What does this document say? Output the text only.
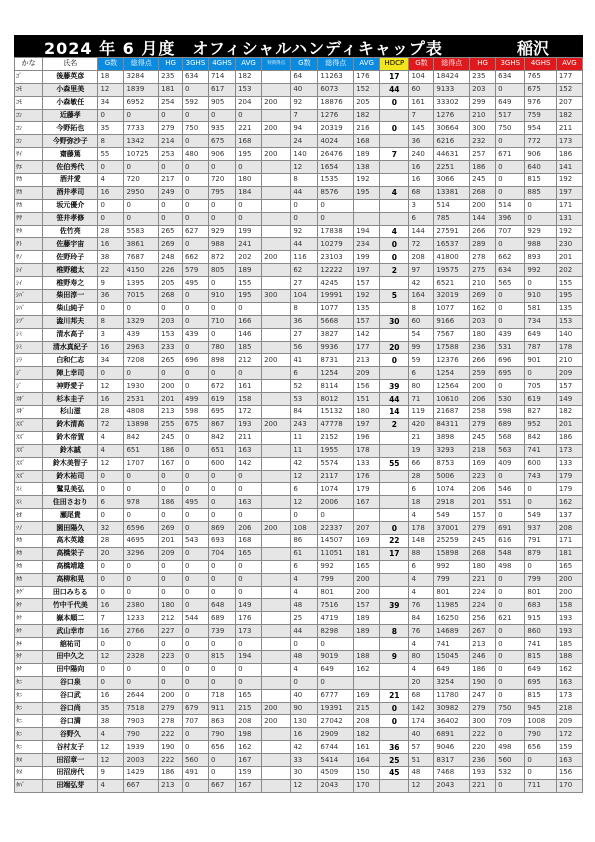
2024 年 6 月度　オフィシャルハンディキャップ表	稲沢
かな	氏名	G数	総得点	HG	3GHS	4GHS	AVG	特典得点	G数	総得点	AVG	HDCP	G数	総得点	HG	3GHS	4GHS	AVG
ｺﾞ	後藤英彦	18	3284	235	634	714	182		64	11263	176	17	104	18424	235	634	765	177
ｺﾓ	小森里美	12	1839	181	0	617	153		40	6073	152	44	60	9133	203	0	675	152
ｺﾓ	小森敏任	34	6952	254	592	905	204	200	92	18876	205	0	161	33302	299	649	976	207
ｺﾝ	近藤孝	0	0	0	0	0	0		7	1276	182		7	1276	210	517	759	182
ｺﾝ	今野拓也	35	7733	279	750	935	221	200	94	20319	216	0	145	30664	300	750	954	211
ｺﾝ	今野弥沙子	8	1342	214	0	675	168		24	4024	168		36	6216	232	0	772	173
ｻｲ	齋藤篤	55	10725	253	480	906	195	200	140	26476	189	7	240	44631	257	671	906	186
ｻｴ	佐伯秀代	0	0	0	0	0	0		12	1654	138		16	2251	186	0	640	141
ｻｶ	酒井愛	4	720	217	0	720	180		8	1535	192		16	3066	245	0	815	192
ｻｶ	酒井孝司	16	2950	249	0	795	184		44	8576	195	4	68	13381	268	0	885	197
ｻｶ	坂元優介	0	0	0	0	0	0		0	0			3	514	200	514	0	171
ｻｻ	笹井孝修	0	0	0	0	0	0		0	0			6	785	144	396	0	131
ｻﾀ	佐竹亮	28	5583	265	627	929	199		92	17838	194	4	144	27591	266	707	929	192
ｻﾄ	佐藤宇宙	16	3861	269	0	988	241		44	10279	234	0	72	16537	289	0	988	230
ｻﾉ	佐野玲子	38	7687	248	662	872	202	200	116	23103	199	0	208	41800	278	662	893	201
ｼｲ	椎野穂太	22	4150	226	579	805	189		62	12222	197	2	97	19575	275	634	992	202
ｼｲ	椎野寿之	9	1395	205	495	0	155		27	4245	157		42	6521	210	565	0	155
ｼﾊﾞ	柴田淳一	36	7015	268	0	910	195	300	104	19991	192	5	164	32019	269	0	910	195
ｼﾊﾞ	柴山純子	0	0	0	0	0	0		8	1077	135		8	1077	162	0	581	135
ｼﾌﾞ	澁川邦夫	8	1329	203	0	710	166		36	5668	157	30	60	9166	203	0	734	153
ｼﾐ	清水高子	3	439	153	439	0	146		27	3827	142		54	7567	180	439	649	140
ｼﾐ	清水真紀子	16	2963	233	0	780	185		56	9936	177	20	99	17588	236	531	787	178
ｼﾗ	白和仁志	34	7208	265	696	898	212	200	41	8731	213	0	59	12376	266	696	901	210
ｼﾞ	陣上幸司	0	0	0	0	0	0		6	1254	209		6	1254	259	695	0	209
ｼﾞ	神野愛子	12	1930	200	0	672	161		52	8114	156	39	80	12564	200	0	705	157
ｽｷﾞ	杉本圭子	16	2531	201	499	619	158		53	8012	151	44	71	10610	206	530	619	149
ｽｷﾞ	杉山滋	28	4808	213	598	695	172		84	15132	180	14	119	21687	258	598	827	182
ｽｽﾞ	鈴木清高	72	13898	255	675	867	193	200	243	47778	197	2	420	84311	279	689	952	201
ｽｽﾞ	鈴木帝賀	4	842	245	0	842	211		11	2152	196		21	3898	245	568	842	186
ｽｽﾞ	鈴木誠	4	651	186	0	651	163		11	1955	178		19	3293	218	563	741	173
ｽｽﾞ	鈴木美智子	12	1707	167	0	600	142		42	5574	133	55	66	8753	169	409	600	133
ｽｽﾞ	鈴木祐司	0	0	0	0	0	0		12	2117	176		28	5006	223	0	743	179
ｽﾐ	鷲見美弘	0	0	0	0	0	0		6	1074	179		6	1074	206	546	0	179
ｽﾐ	住田さおり	6	978	186	495	0	163		12	2006	167		18	2918	201	551	0	162
ｾｵ	瀬尾貴	0	0	0	0	0	0		0	0			4	549	157	0	549	137
ｿﾉ	園田陽久	32	6596	269	0	869	206	200	108	22337	207	0	178	37001	279	691	937	208
ﾀｶ	高木英雄	28	4695	201	543	693	168		86	14507	169	22	148	25259	245	616	791	171
ﾀｶ	高橋栄子	20	3296	209	0	704	165		61	11051	181	17	88	15898	268	548	879	181
ﾀｶ	高橋靖雄	0	0	0	0	0	0		6	992	165		6	992	180	498	0	165
ﾀｶ	高柳和晃	0	0	0	0	0	0		4	799	200		4	799	221	0	799	200
ﾀｸﾞ	田口みちる	0	0	0	0	0	0		4	801	200		4	801	224	0	801	200
ﾀｹ	竹中千代美	16	2380	180	0	648	149		48	7516	157	39	76	11985	224	0	683	158
ﾀｹ	嶽本順二	7	1233	212	544	689	176		25	4719	189		84	16250	256	621	915	193
ﾀｹ	武山幸市	16	2766	227	0	739	173		44	8298	189	8	76	14689	267	0	860	193
ﾀﾁ	舘祐司	0	0	0	0	0	0		0	0			4	741	213	0	741	185
ﾀﾅ	田中久之	12	2328	223	0	815	194		48	9019	188	9	80	15045	246	0	815	188
ﾀﾅ	田中陽向	0	0	0	0	0	0		4	649	162		4	649	186	0	649	162
ﾀﾆ	谷口泉	0	0	0	0	0	0		0	0			20	3254	190	0	695	163
ﾀﾆ	谷口武	16	2644	200	0	718	165		40	6777	169	21	68	11780	247	0	815	173
ﾀﾆ	谷口尚	35	7518	279	679	911	215	200	90	19391	215	0	142	30982	279	750	945	218
ﾀﾆ	谷口満	38	7903	278	707	863	208	200	130	27042	208	0	174	36402	300	709	1008	209
ﾀﾆ	谷野久	4	790	222	0	790	198		16	2909	182		40	6891	222	0	790	172
ﾀﾆ	谷村友子	12	1939	190	0	656	162		42	6744	161	36	57	9046	220	498	656	159
ﾀﾇ	田沼章一	12	2003	222	560	0	167		33	5414	164	25	51	8317	236	560	0	163
ﾀﾇ	田沼房代	9	1429	186	491	0	159		30	4509	150	45	48	7468	193	532	0	156
ﾀﾊﾞ	田端弘芽	4	667	213	0	667	167		12	2043	170		12	2043	221	0	711	170
